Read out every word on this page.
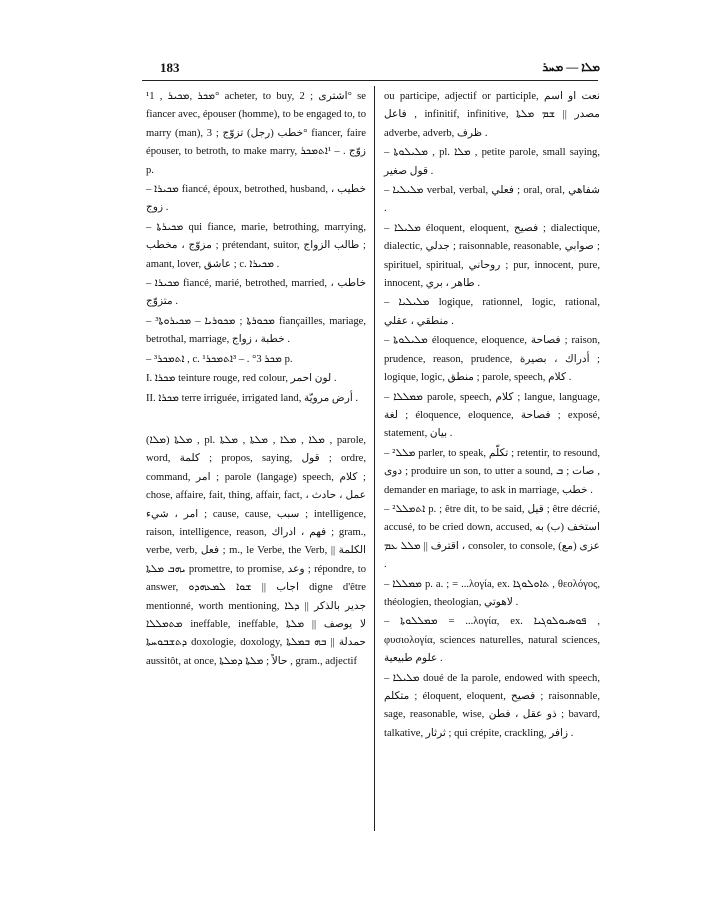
183	ܡܠܐ — ܡܚܪ

¹ܡܟܪ ,ܡܟܝܪ , 1° acheter, to buy, اشترى ; 2° se fiancer avec, épouser (homme), to be engaged to, to marry (man), خطب (رجل) تزوّج ; 3° fiancer, faire épouser, to betroth, to make marry, زوّج . – ¹ܐܬܡܟܪ p.

– ܡܟܝܪܐ fiancé, époux, betrothed, husband, خطيب ، زوج .

– ܡܟܝܪܬܐ qui fiance, marie, betrothing, marrying, مزوّج ، مخطب ; prétendant, suitor, طالب الزواج ; amant, lover, عاشق ; c. ܡܟܝܪܐ .

– ܡܟܝܪܐ fiancé, marié, betrothed, married, خاطب ، متزوّج .

– ³ܡܟܘܪܬܐ ; ܡܟܘܪܝܐ – ܡܟܝܪܘܬܐ fiançailles, mariage, betrothal, marriage, خطبة ، زواج .

– ³ܐܬܡܟܪ , c. ¹ܡܟܪ 3° . – ³ܐܬܡܟܪ p.

I. ܡܟܪܐ teinture rouge, red colour, لون احمر .

II. ܡܟܪܐ terre irriguée, irrigated land, أرض مرويّة .

(ܡܠܐ) ܡܠܬܐ , pl. ܡܠܐ , ܡܠܐ , ܡܠܬܐ , ܡܠܬܐ , parole, word, كلمة ; propos, saying, قول ; ordre, command, امر ; parole (langage) speech, كلام ; chose, affaire, fait, thing, affair, fact, عمل ، حادث ، امر ، شيء ; cause, cause, سبب ; intelligence, raison, intelligence, reason, فهم ، ادراك ; gram., verbe, verb, فعل ; m., le Verbe, the Verb, الكلمة || ܝܗܒ ܡܠܬܐ promettre, to promise, وعد ; répondre, to answer, اجاب || ܫܘܐ ܠܡܥܗܕܘ digne d'être mentionné, worth mentioning, جدير بالذكر || ܕܠܐ ܡܬܡܠܠܐ ineffable, ineffable, لا يوصف || ܡܠܬܐ ܕܬܫܒܘܚܬܐ doxologie, doxology, حمدلة || ܒܗ ܒܡܠܬܐ aussitôt, at once, حالاً ; ܡܠܬܐ ܕܡܠܬܐ , gram., adjectif

ou participe, adjectif or participle, نعت او اسم فاعل , infinitif, infinitive, مصدر || ܫܡ ܡܠܬܐ adverbe, adverb, ظرف .

– ܡܠܝܠܘܬܐ , pl. ܡܠܐ , petite parole, small saying, قول صغير .

– ܡܠܝܠܝܐ verbal, verbal, فعلي ; oral, oral, شفاهي .

– ܡܠܝܠܐ éloquent, eloquent, فصيح ; dialectique, dialectic, جدلي ; raisonnable, reasonable, صوابي ; spirituel, spiritual, روحاني ; pur, innocent, pure, innocent, طاهر ، بري .

– ܡܠܝܠܝܐ logique, rationnel, logic, rational, منطقي ، عقلي .

– ܡܠܝܠܘܬܐ éloquence, eloquence, فصاحة ; raison, prudence, reason, prudence, أدراك ، بصيرة ; logique, logic, منطق ; parole, speech, كلام .

– ܡܡܠܠܐ parole, speech, كلام ; langue, language, لغة ; éloquence, eloquence, فصاحة ; exposé, statement, بيان .

– ²ܡܠܠ parler, to speak, تكلّم ; retentir, to resound, دوى ; produire un son, to utter a sound, صات ; ܒ , demander en mariage, to ask in marriage, خطب .

– ²ܐܬܡܠܠ p. ; être dit, to be said, قيل ; être décrié, accusé, to be cried down, accused, استخف (ب) به ، اقترف || ܡܠܠ ܥܡ consoler, to console, (مع) عزى .

– ܡܡܠܠܐ p. a. ; = ...λογίa, ex. ܬܐܘܠܘܓܐ , θεολόγος, théologien, theologian, لاهوتي .

– ܡܡܠܠܘܬܐ = ...λογία, ex. ܦܘܣܝܘܠܘܓܝܐ , φυσιολογία, sciences naturelles, natural sciences, علوم طبيعية .

– ܡܠܝܠܐ doué de la parole, endowed with speech, متكلم ; éloquent, eloquent, فصيح ; raisonnable, sage, reasonable, wise, ذو عقل ، فطن ; bavard, talkative, ثرثار ; qui crépite, crackling, زافر .
